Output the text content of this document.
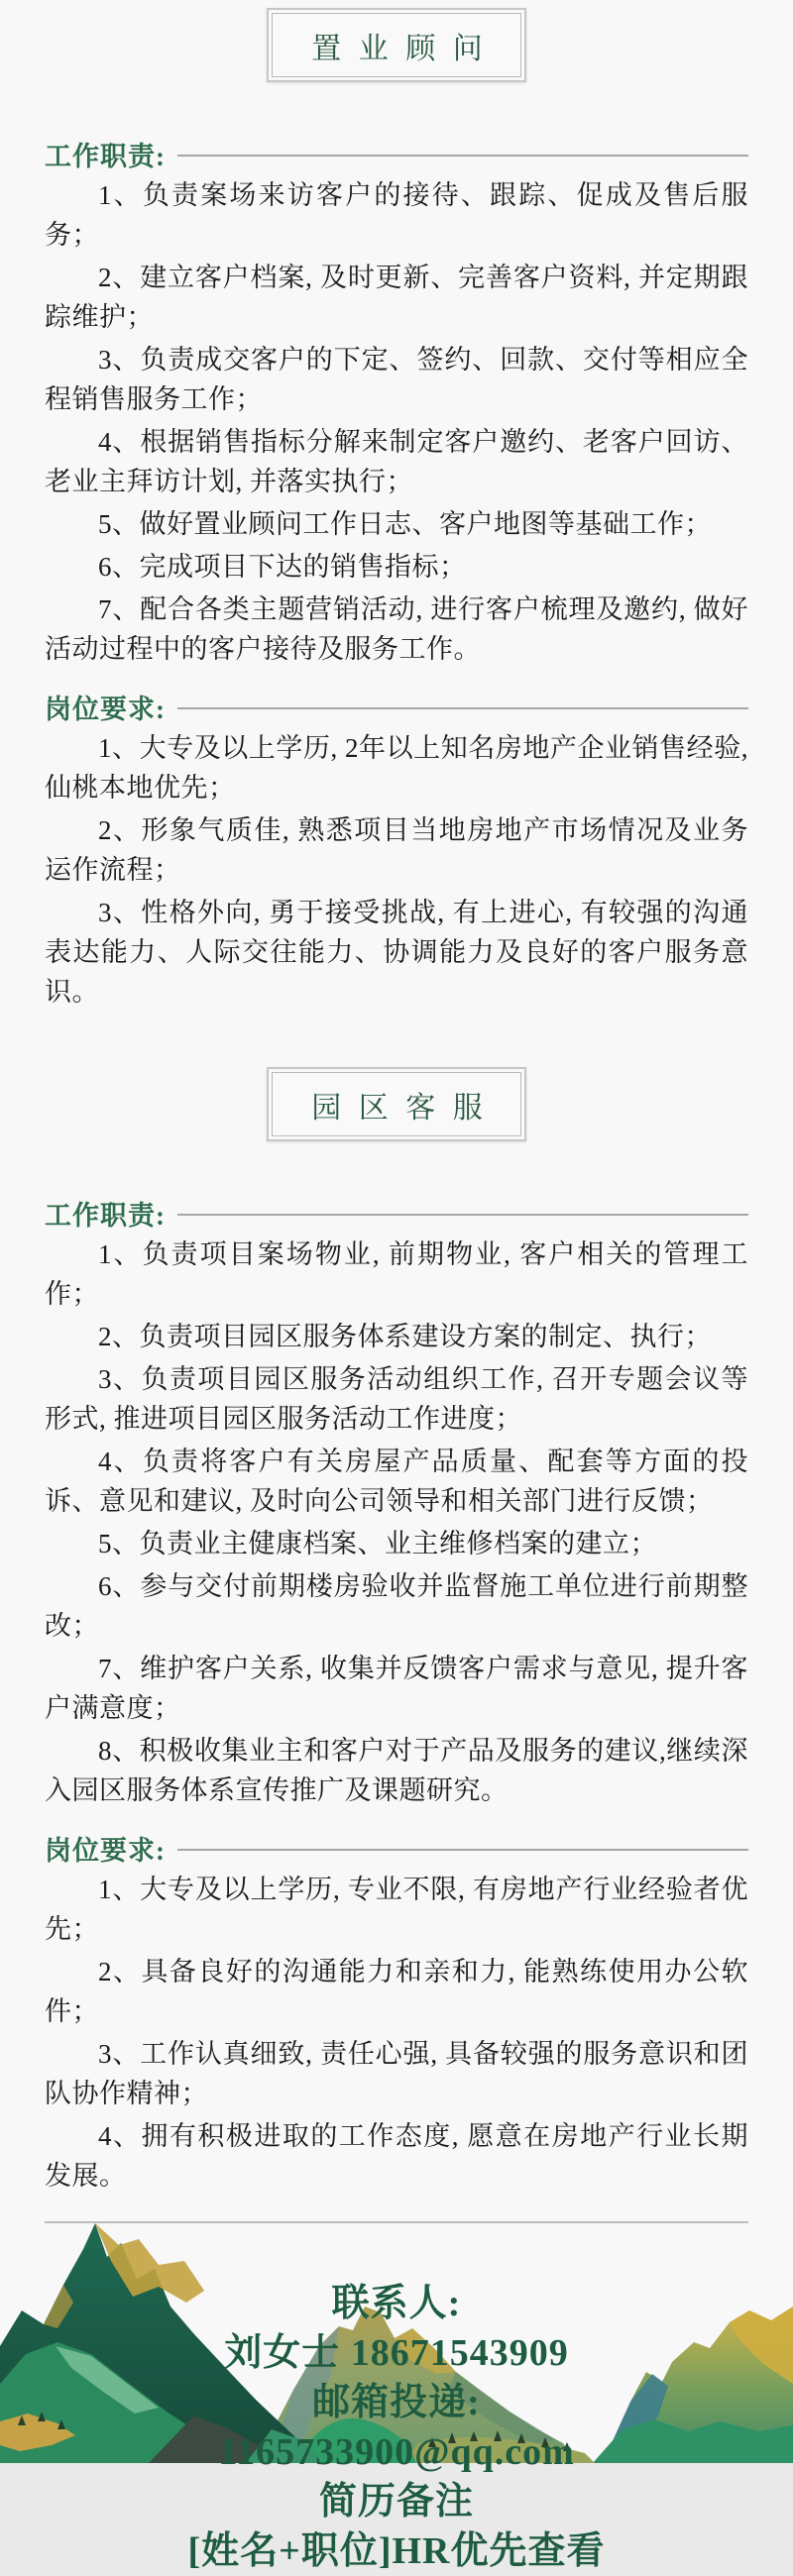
置 业 顾 问
工作职责:

1、负责案场来访客户的接待、跟踪、促成及售后服务；

2、建立客户档案, 及时更新、完善客户资料, 并定期跟踪维护；

3、负责成交客户的下定、签约、回款、交付等相应全程销售服务工作；

4、根据销售指标分解来制定客户邀约、老客户回访、老业主拜访计划, 并落实执行；

5、做好置业顾问工作日志、客户地图等基础工作；

6、完成项目下达的销售指标；

7、配合各类主题营销活动, 进行客户梳理及邀约, 做好活动过程中的客户接待及服务工作。

岗位要求:

1、大专及以上学历, 2年以上知名房地产企业销售经验, 仙桃本地优先；

2、形象气质佳, 熟悉项目当地房地产市场情况及业务运作流程；

3、性格外向, 勇于接受挑战, 有上进心, 有较强的沟通表达能力、人际交往能力、协调能力及良好的客户服务意识。

园 区 客 服
工作职责:

1、负责项目案场物业, 前期物业, 客户相关的管理工作；

2、负责项目园区服务体系建设方案的制定、执行；

3、负责项目园区服务活动组织工作, 召开专题会议等形式, 推进项目园区服务活动工作进度；

4、负责将客户有关房屋产品质量、配套等方面的投诉、意见和建议, 及时向公司领导和相关部门进行反馈；

5、负责业主健康档案、业主维修档案的建立；

6、参与交付前期楼房验收并监督施工单位进行前期整改；

7、维护客户关系, 收集并反馈客户需求与意见, 提升客户满意度；

8、积极收集业主和客户对于产品及服务的建议,继续深入园区服务体系宣传推广及课题研究。

岗位要求:

1、大专及以上学历, 专业不限, 有房地产行业经验者优先；

2、具备良好的沟通能力和亲和力, 能熟练使用办公软件；

3、工作认真细致, 责任心强, 具备较强的服务意识和团队协作精神；

4、拥有积极进取的工作态度, 愿意在房地产行业长期发展。

联系人:
刘女士 18671543909
邮箱投递:
1165733900@qq.com
简历备注
[姓名+职位]HR优先查看
